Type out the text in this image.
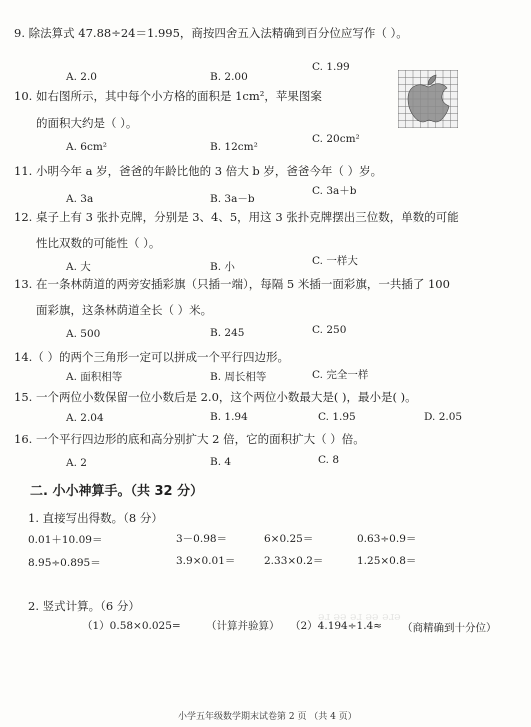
ǝɹ ǝǝ ǝɹ ǝǝ ǝɹǝ
9. 除法算式 47.88÷24＝1.995，商按四舍五入法精确到百分位应写作（ ）。
A. 2.0	B. 2.00
C. 1.99
10. 如右图所示，其中每个小方格的面积是 1cm²，苹果图案
的面积大约是（ ）。
A. 6cm²	B. 12cm²
C. 20cm²
11. 小明今年 a 岁，爸爸的年龄比他的 3 倍大 b 岁，爸爸今年（ ）岁。
A. 3a	B. 3a－b
C. 3a＋b
12. 桌子上有 3 张扑克牌，分别是 3、4、5，用这 3 张扑克牌摆出三位数，单数的可能
性比双数的可能性（ ）。
A. 大	B. 小	C. 一样大
13. 在一条林荫道的两旁安插彩旗（只插一端），每隔 5 米插一面彩旗，一共插了 100
面彩旗，这条林荫道全长（ ）米。
A. 500	B. 245	C. 250
14.（ ）的两个三角形一定可以拼成一个平行四边形。
A. 面积相等	B. 周长相等	C. 完全一样
15. 一个两位小数保留一位小数后是 2.0，这个两位小数最大是( )，最小是( )。
A. 2.04	B. 1.94	C. 1.95	D. 2.05
16. 一个平行四边形的底和高分别扩大 2 倍，它的面积扩大（ ）倍。
A. 2	B. 4	C. 8
二. 小小神算手。（共 32 分）
1. 直接写出得数。（8 分）
0.01＋10.09＝	3－0.98＝	6×0.25＝	0.63÷0.9＝
8.95÷0.895＝	3.9×0.01＝	2.33×0.2＝	1.25×0.8＝
2. 竖式计算。（6 分）
（1）0.58×0.025= （计算并验算） （2）4.194÷1.4≈ （商精确到十分位）
小学五年级数学期末试卷第 2 页 （共 4 页）
